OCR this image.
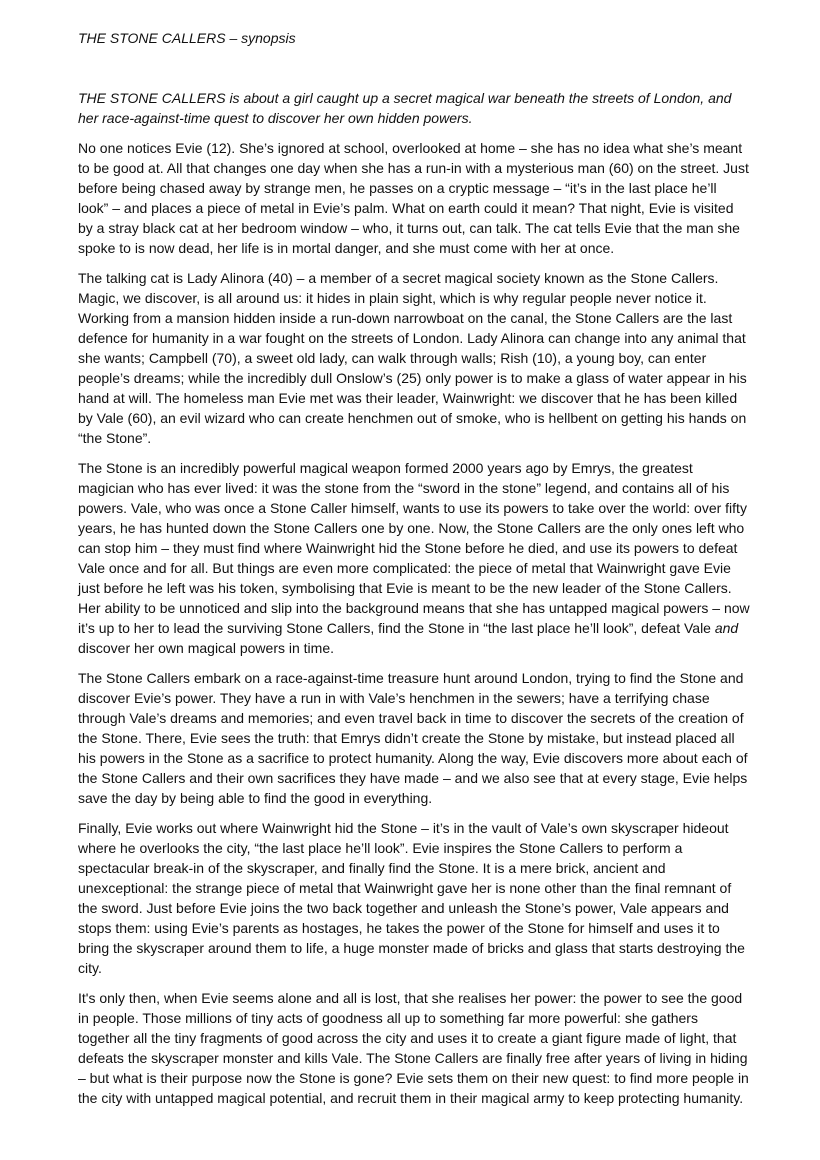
THE STONE CALLERS – synopsis

THE STONE CALLERS is about a girl caught up a secret magical war beneath the streets of London, and her race-against-time quest to discover her own hidden powers.

No one notices Evie (12). She’s ignored at school, overlooked at home – she has no idea what she’s meant to be good at. All that changes one day when she has a run-in with a mysterious man (60) on the street. Just before being chased away by strange men, he passes on a cryptic message – “it’s in the last place he’ll look” – and places a piece of metal in Evie’s palm. What on earth could it mean? That night, Evie is visited by a stray black cat at her bedroom window – who, it turns out, can talk. The cat tells Evie that the man she spoke to is now dead, her life is in mortal danger, and she must come with her at once.

The talking cat is Lady Alinora (40) – a member of a secret magical society known as the Stone Callers. Magic, we discover, is all around us: it hides in plain sight, which is why regular people never notice it. Working from a mansion hidden inside a run-down narrowboat on the canal, the Stone Callers are the last defence for humanity in a war fought on the streets of London. Lady Alinora can change into any animal that she wants; Campbell (70), a sweet old lady, can walk through walls; Rish (10), a young boy, can enter people’s dreams; while the incredibly dull Onslow’s (25) only power is to make a glass of water appear in his hand at will. The homeless man Evie met was their leader, Wainwright: we discover that he has been killed by Vale (60), an evil wizard who can create henchmen out of smoke, who is hellbent on getting his hands on “the Stone”.

The Stone is an incredibly powerful magical weapon formed 2000 years ago by Emrys, the greatest magician who has ever lived: it was the stone from the “sword in the stone” legend, and contains all of his powers. Vale, who was once a Stone Caller himself, wants to use its powers to take over the world: over fifty years, he has hunted down the Stone Callers one by one. Now, the Stone Callers are the only ones left who can stop him – they must find where Wainwright hid the Stone before he died, and use its powers to defeat Vale once and for all. But things are even more complicated: the piece of metal that Wainwright gave Evie just before he left was his token, symbolising that Evie is meant to be the new leader of the Stone Callers. Her ability to be unnoticed and slip into the background means that she has untapped magical powers – now it’s up to her to lead the surviving Stone Callers, find the Stone in “the last place he’ll look”, defeat Vale and discover her own magical powers in time.

The Stone Callers embark on a race-against-time treasure hunt around London, trying to find the Stone and discover Evie’s power. They have a run in with Vale’s henchmen in the sewers; have a terrifying chase through Vale’s dreams and memories; and even travel back in time to discover the secrets of the creation of the Stone. There, Evie sees the truth: that Emrys didn’t create the Stone by mistake, but instead placed all his powers in the Stone as a sacrifice to protect humanity. Along the way, Evie discovers more about each of the Stone Callers and their own sacrifices they have made – and we also see that at every stage, Evie helps save the day by being able to find the good in everything.

Finally, Evie works out where Wainwright hid the Stone – it’s in the vault of Vale’s own skyscraper hideout where he overlooks the city, “the last place he’ll look”. Evie inspires the Stone Callers to perform a spectacular break-in of the skyscraper, and finally find the Stone. It is a mere brick, ancient and unexceptional: the strange piece of metal that Wainwright gave her is none other than the final remnant of the sword. Just before Evie joins the two back together and unleash the Stone’s power, Vale appears and stops them: using Evie’s parents as hostages, he takes the power of the Stone for himself and uses it to bring the skyscraper around them to life, a huge monster made of bricks and glass that starts destroying the city.

It's only then, when Evie seems alone and all is lost, that she realises her power: the power to see the good in people. Those millions of tiny acts of goodness all up to something far more powerful: she gathers together all the tiny fragments of good across the city and uses it to create a giant figure made of light, that defeats the skyscraper monster and kills Vale. The Stone Callers are finally free after years of living in hiding – but what is their purpose now the Stone is gone? Evie sets them on their new quest: to find more people in the city with untapped magical potential, and recruit them in their magical army to keep protecting humanity.
